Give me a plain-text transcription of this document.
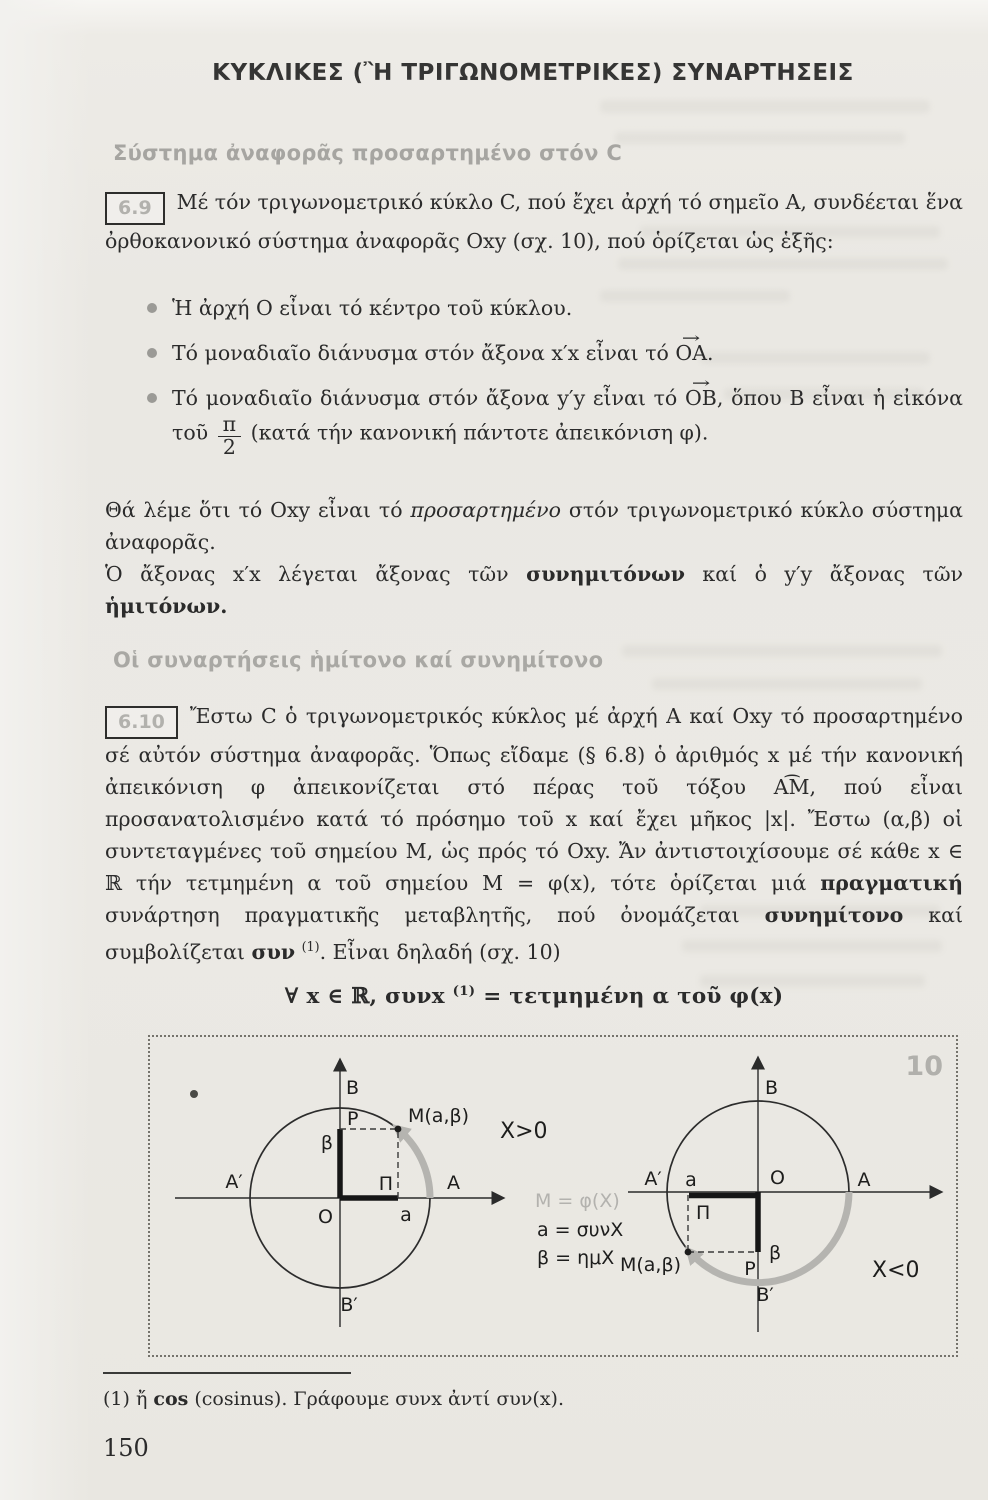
ΚΥΚΛΙΚΕΣ (Ἢ ΤΡΙΓΩΝΟΜΕΤΡΙΚΕΣ) ΣΥΝΑΡΤΗΣΕΙΣ
Σύστημα ἀναφορᾶς προσαρτημένο στόν C
6.9 Μέ τόν τριγωνομετρικό κύκλο C, πού ἔχει ἀρχή τό σημεῖο Α, συνδέεται ἕνα ὀρθοκανονικό σύστημα ἀναφορᾶς Oxy (σχ. 10), πού ὁρίζεται ὡς ἑξῆς:
Ἡ ἀρχή Ο εἶναι τό κέντρο τοῦ κύκλου.
Τό μοναδιαῖο διάνυσμα στόν ἄξονα x′x εἶναι τό → ΟΑ.
Τό μοναδιαῖο διάνυσμα στόν ἄξονα y′y εἶναι τό → ΟΒ, ὅπου Β εἶναι ἡ εἰκόνα τοῦ $\frac{\pi}{2} (\kappa\alpha\tau ά$ τήν κανονική πάντοτε ἀπεικόνιση φ).
Θά λέμε ὅτι τό Oxy εἶναι τό προσαρτημένο στόν τριγωνομετρικό κύκλο σύστημα ἀναφορᾶς.
Ὁ ἄξονας x′x λέγεται ἄξονας τῶν συνημιτόνων καί ὁ y′y ἄξονας τῶν ἡμιτόνων.
Οἱ συναρτήσεις ἡμίτονο καί συνημίτονο
6.10 Ἔστω C ὁ τριγωνομετρικός κύκλος μέ ἀρχή Α καί Oxy τό προσαρτημένο σέ αὐτόν σύστημα ἀναφορᾶς. Ὅπως εἴδαμε (§ 6.8) ὁ ἀριθμός x μέ τήν κανονική ἀπεικόνιση φ ἀπεικονίζεται στό πέρας τοῦ τόξου ⌢ ΑΜ, πού εἶναι προσανατολισμένο κατά τό πρόσημο τοῦ x καί ἔχει μῆκος |x|. Ἔστω (α,β) οἱ συντεταγμένες τοῦ σημείου Μ, ὡς πρός τό Oxy. Ἄν ἀντιστοιχίσουμε σέ κάθε x ∈ ℝ τήν τετμημένη α τοῦ σημείου Μ = φ(x), τότε ὁρίζεται μιά πραγματική συνάρτηση πραγματικῆς μεταβλητῆς, πού ὀνομάζεται συνημίτονο καί συμβολίζεται συν $^{(1)}$. Εἶναι δηλαδή (σχ. 10)
∀ x ∈ ℝ, συνx $^{(1)}$ = τετμημένη α τοῦ φ(x)
B
P
β
M(a,β)
A′	Π	A
O	a
B′
X>0
M = φ(X)
a = συνX
β = ημX
B
A′ a	O	A
Π
β
P
M(a,β)
B′
X<0
10
(1) ἤ cos (cosinus). Γράφουμε συνx ἀντί συν(x).
150
